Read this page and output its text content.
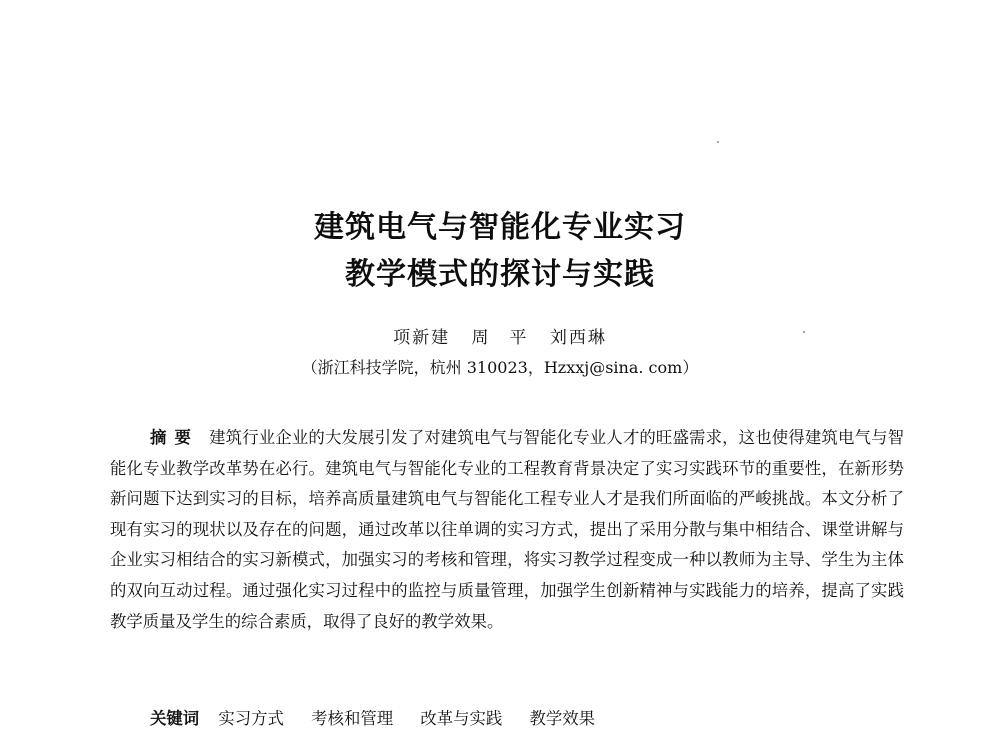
建筑电气与智能化专业实习
教学模式的探讨与实践
项新建 周　平 刘西琳
（浙江科技学院，杭州 310023，Hzxxj@sina. com）

摘要 建筑行业企业的大发展引发了对建筑电气与智能化专业人才的旺盛需求，这也使得建筑电气与智能化专业教学改革势在必行。建筑电气与智能化专业的工程教育背景决定了实习实践环节的重要性，在新形势新问题下达到实习的目标，培养高质量建筑电气与智能化工程专业人才是我们所面临的严峻挑战。本文分析了现有实习的现状以及存在的问题，通过改革以往单调的实习方式，提出了采用分散与集中相结合、课堂讲解与企业实习相结合的实习新模式，加强实习的考核和管理，将实习教学过程变成一种以教师为主导、学生为主体的双向互动过程。通过强化实习过程中的监控与质量管理，加强学生创新精神与实践能力的培养，提高了实践教学质量及学生的综合素质，取得了良好的教学效果。

关键词 实习方式 考核和管理 改革与实践 教学效果
